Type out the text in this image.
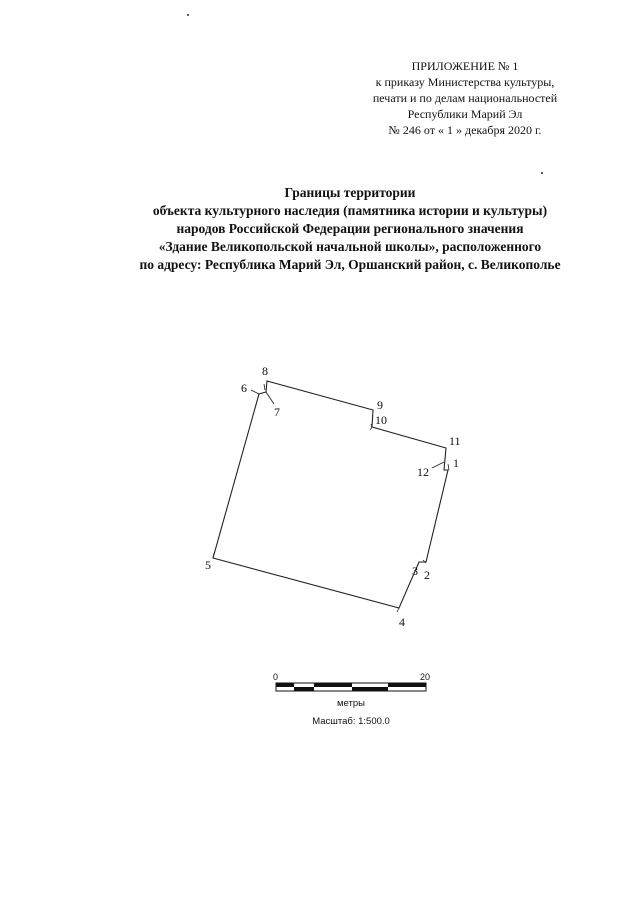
ПРИЛОЖЕНИЕ № 1
к приказу Министерства культуры,
печати и по делам национальностей
Республики Марий Эл
№ 246 от « 1 » декабря 2020 г.
Границы территории
объекта культурного наследия (памятника истории и культуры)
народов Российской Федерации регионального значения
«Здание Великопольской начальной школы», расположенного
по адресу: Республика Марий Эл, Оршанский район, с. Великополье
1
2
3
4
5
6
7
8
9
10
11
12
0	20
метры
Масштаб: 1:500.0
